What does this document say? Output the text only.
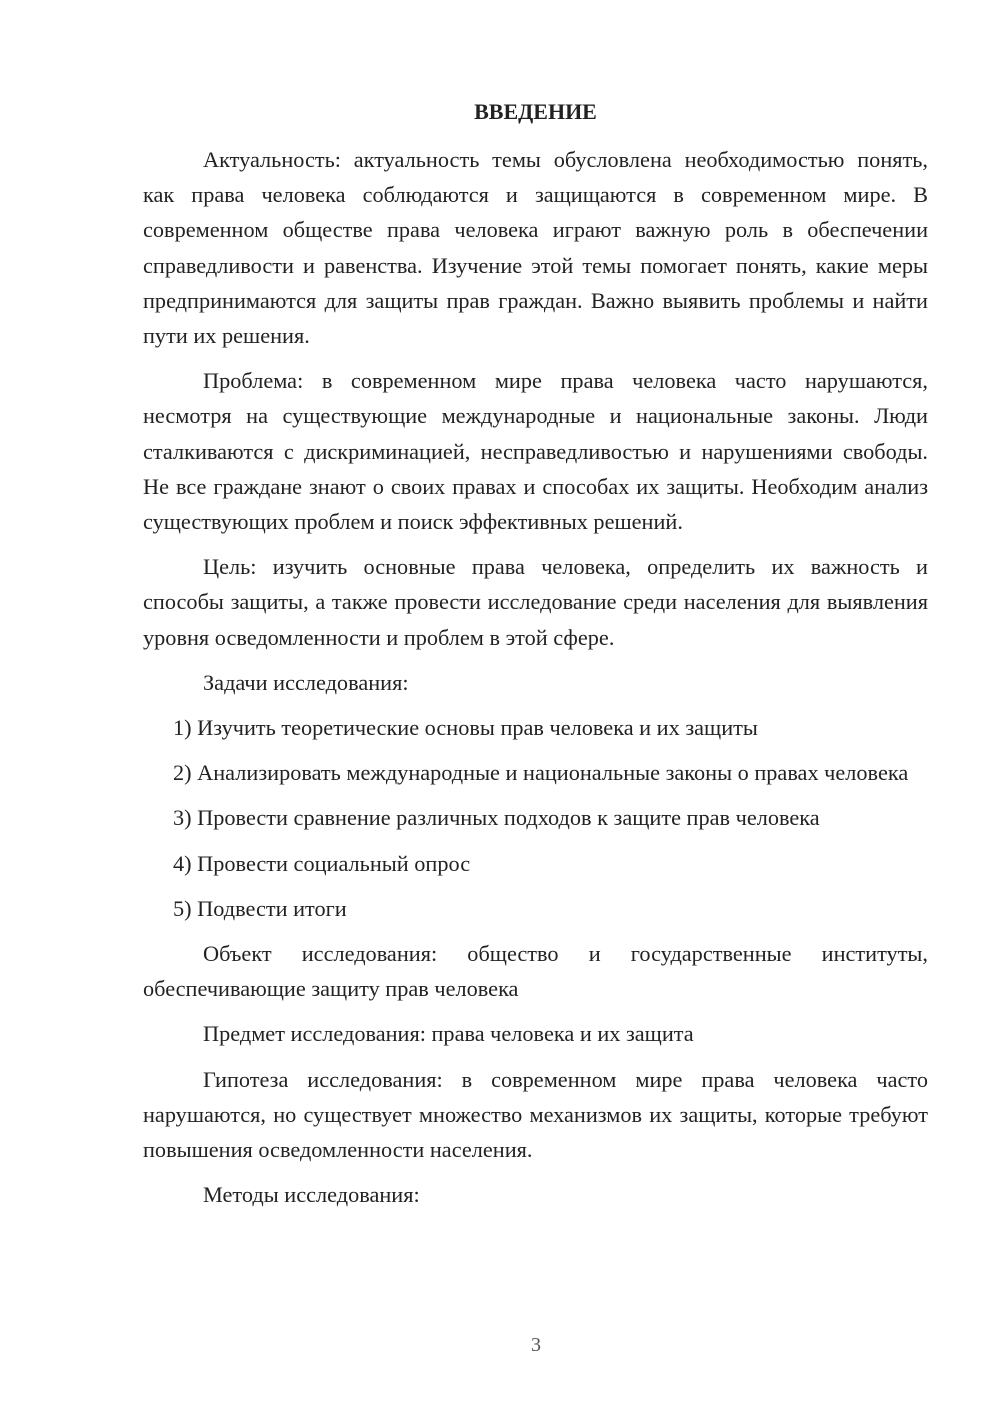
ВВЕДЕНИЕ

Актуальность: актуальность темы обусловлена необходимостью понять, как права человека соблюдаются и защищаются в современном мире. В современном обществе права человека играют важную роль в обеспечении справедливости и равенства. Изучение этой темы помогает понять, какие меры предпринимаются для защиты прав граждан. Важно выявить проблемы и найти пути их решения.

Проблема: в современном мире права человека часто нарушаются, несмотря на существующие международные и национальные законы. Люди сталкиваются с дискриминацией, несправедливостью и нарушениями свободы. Не все граждане знают о своих правах и способах их защиты. Необходим анализ существующих проблем и поиск эффективных решений.

Цель: изучить основные права человека, определить их важность и способы защиты, а также провести исследование среди населения для выявления уровня осведомленности и проблем в этой сфере.

Задачи исследования:

1) Изучить теоретические основы прав человека и их защиты

2) Анализировать международные и национальные законы о правах человека

3) Провести сравнение различных подходов к защите прав человека

4) Провести социальный опрос

5) Подвести итоги

Объект исследования: общество и государственные институты, обеспечивающие защиту прав человека

Предмет исследования: права человека и их защита

Гипотеза исследования: в современном мире права человека часто нарушаются, но существует множество механизмов их защиты, которые требуют повышения осведомленности населения.

Методы исследования:

3
